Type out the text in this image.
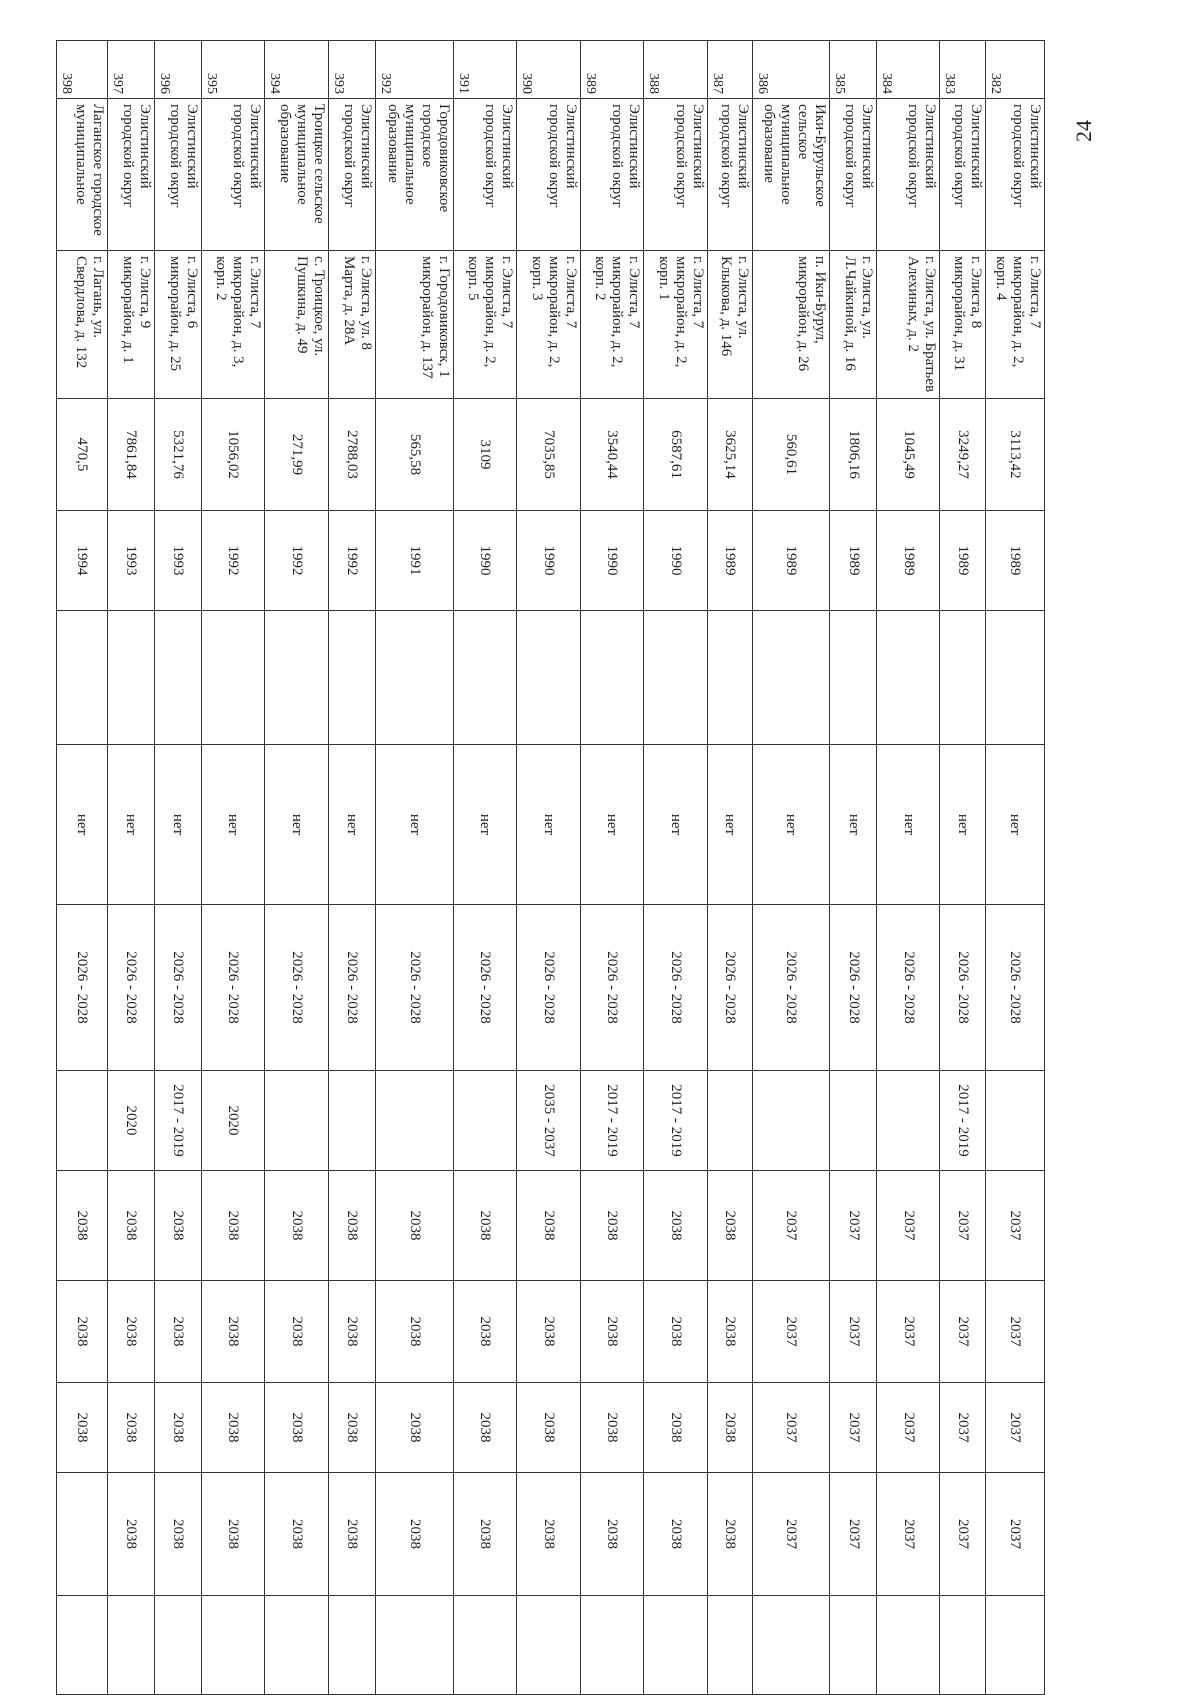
24
382	Элистинский городской округ	г. Элиста, 7 микрорайон, д. 2, корп. 4	3113,42	1989		нет	2026 - 2028		2037	2037	2037	2037	
383	Элистинский городской округ	г. Элиста, 8 микрорайон, д. 31	3249,27	1989		нет	2026 - 2028	2017 - 2019	2037	2037	2037	2037	
384	Элистинский городской округ	г. Элиста, ул. Братьев Алехиных, д. 2	1045,49	1989		нет	2026 - 2028		2037	2037	2037	2037	
385	Элистинский городской округ	г. Элиста, ул. Л.Чайкиной, д. 16	1806,16	1989		нет	2026 - 2028		2037	2037	2037	2037	
386	Ики-Бурульское сельское муниципальное образование	п. Ики-Бурул, микрорайон, д. 26	560,61	1989		нет	2026 - 2028		2037	2037	2037	2037	
387	Элистинский городской округ	г. Элиста, ул. Клыкова, д. 146	3625,14	1989		нет	2026 - 2028		2038	2038	2038	2038	
388	Элистинский городской округ	г. Элиста, 7 микрорайон, д. 2, корп. 1	6587,61	1990		нет	2026 - 2028	2017 - 2019	2038	2038	2038	2038	
389	Элистинский городской округ	г. Элиста, 7 микрорайон, д. 2, корп. 2	3540,44	1990		нет	2026 - 2028	2017 - 2019	2038	2038	2038	2038	
390	Элистинский городской округ	г. Элиста, 7 микрорайон, д. 2, корп. 3	7035,85	1990		нет	2026 - 2028	2035 - 2037	2038	2038	2038	2038	
391	Элистинский городской округ	г. Элиста, 7 микрорайон, д. 2, корп. 5	3109	1990		нет	2026 - 2028		2038	2038	2038	2038	
392	Городовиковское городское муниципальное образование	г. Городовиковск, 1 микрорайон, д. 137	565,58	1991		нет	2026 - 2028		2038	2038	2038	2038	
393	Элистинский городской округ	г. Элиста, ул. 8 Марта, д. 28А	2788,03	1992		нет	2026 - 2028		2038	2038	2038	2038	
394	Троицкое сельское муниципальное образование	с. Троицкое, ул. Пушкина, д. 49	271,99	1992		нет	2026 - 2028		2038	2038	2038	2038	
395	Элистинский городской округ	г. Элиста, 7 микрорайон, д. 3, корп. 2	1056,02	1992		нет	2026 - 2028	2020	2038	2038	2038	2038	
396	Элистинский городской округ	г. Элиста, 6 микрорайон, д. 25	5321,76	1993		нет	2026 - 2028	2017 - 2019	2038	2038	2038	2038	
397	Элистинский городской округ	г. Элиста, 9 микрорайон, д. 1	7861,84	1993		нет	2026 - 2028	2020	2038	2038	2038	2038	
398	Лаганское городское муниципальное	г. Лагань, ул. Свердлова, д. 132	470,5	1994		нет	2026 - 2028		2038	2038	2038		
